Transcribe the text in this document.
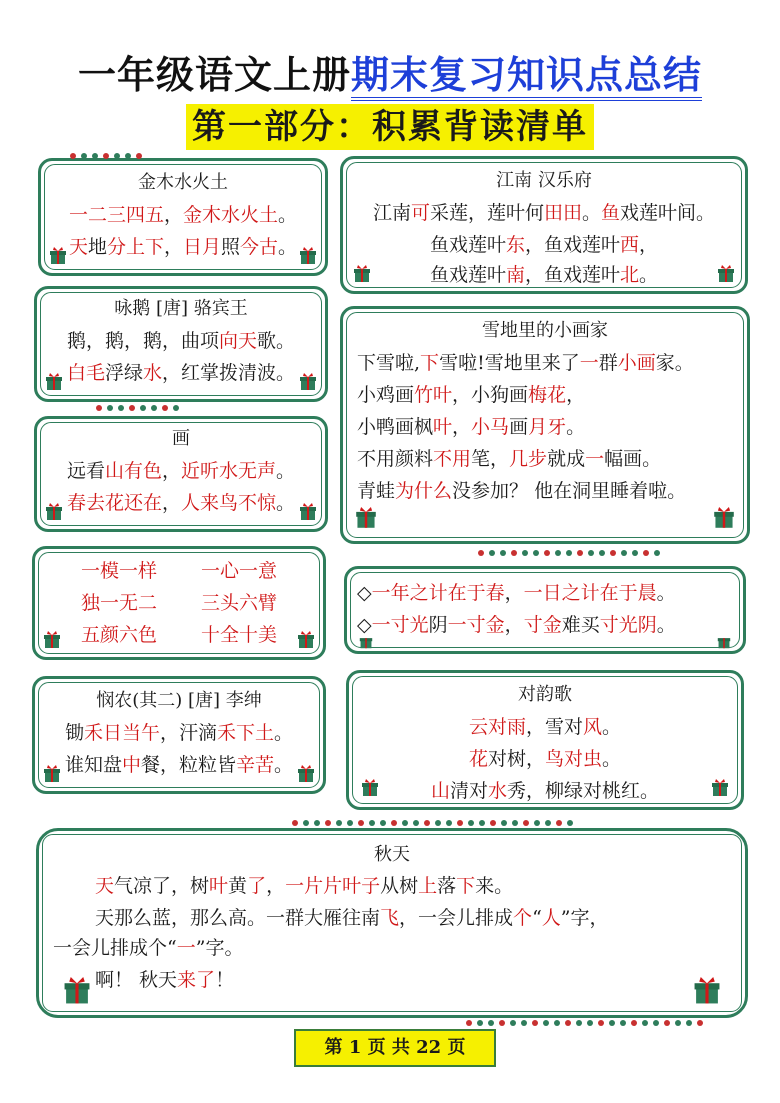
一年级语文上册期末复习知识点总结
第一部分：积累背读清单
金木水火土
一二三四五，金木水火土。
天地分上下，日月照今古。
江南 汉乐府
江南可采莲，莲叶何田田。鱼戏莲叶间。
鱼戏莲叶东，鱼戏莲叶西，
鱼戏莲叶南，鱼戏莲叶北。
咏鹅 [唐] 骆宾王
鹅，鹅，鹅，曲项向天歌。
白毛浮绿水，红掌拨清波。
雪地里的小画家
下雪啦,下雪啦!雪地里来了一群小画家。
小鸡画竹叶，小狗画梅花，
小鸭画枫叶，小马画月牙。
不用颜料不用笔，几步就成一幅画。
青蛙为什么没参加？ 他在洞里睡着啦。
画
远看山有色，近听水无声。
春去花还在，人来鸟不惊。
一模一样 一心一意
独一无二 三头六臂
五颜六色 十全十美
◇一年之计在于春，一日之计在于晨。
◇一寸光阴一寸金，寸金难买寸光阴。
悯农(其二) [唐] 李绅
锄禾日当午，汗滴禾下土。
谁知盘中餐，粒粒皆辛苦。
对韵歌
云对雨，雪对风。
花对树，鸟对虫。
山清对水秀，柳绿对桃红。
秋天
天气凉了，树叶黄了，一片片叶子从树上落下来。
天那么蓝，那么高。一群大雁往南飞，一会儿排成个“人”字，
一会儿排成个“一”字。
啊！ 秋天来了！
第 1 页 共 22 页
